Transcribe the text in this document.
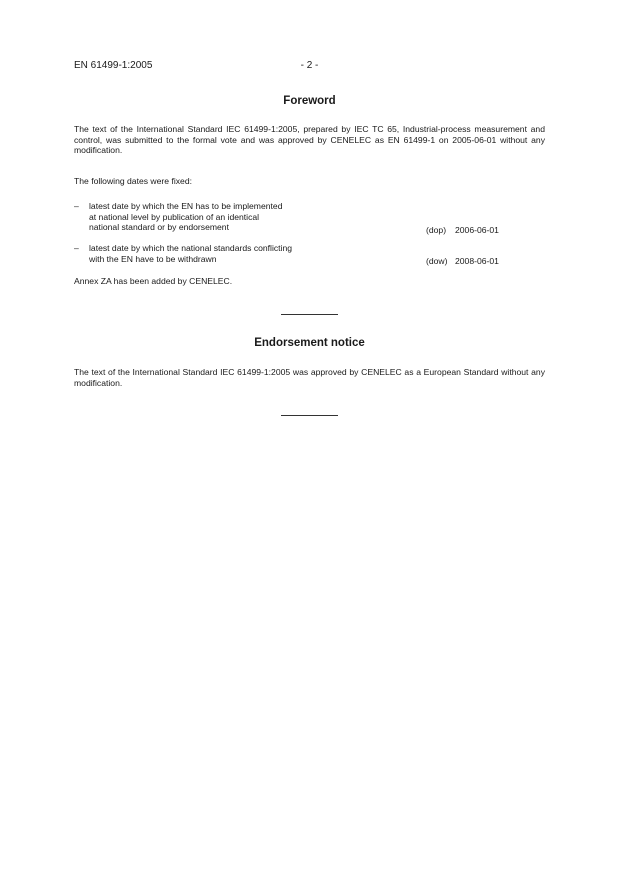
EN 61499-1:2005	- 2 -
Foreword
The text of the International Standard IEC 61499-1:2005, prepared by IEC TC 65, Industrial-process measurement and control, was submitted to the formal vote and was approved by CENELEC as EN 61499-1 on 2005-06-01 without any modification.
The following dates were fixed:
– latest date by which the EN has to be implemented
at national level by publication of an identical
national standard or by endorsement	(dop) 2006-06-01
– latest date by which the national standards conflicting
with the EN have to be withdrawn	(dow) 2008-06-01
Annex ZA has been added by CENELEC.
Endorsement notice
The text of the International Standard IEC 61499-1:2005 was approved by CENELEC as a European Standard without any modification.
